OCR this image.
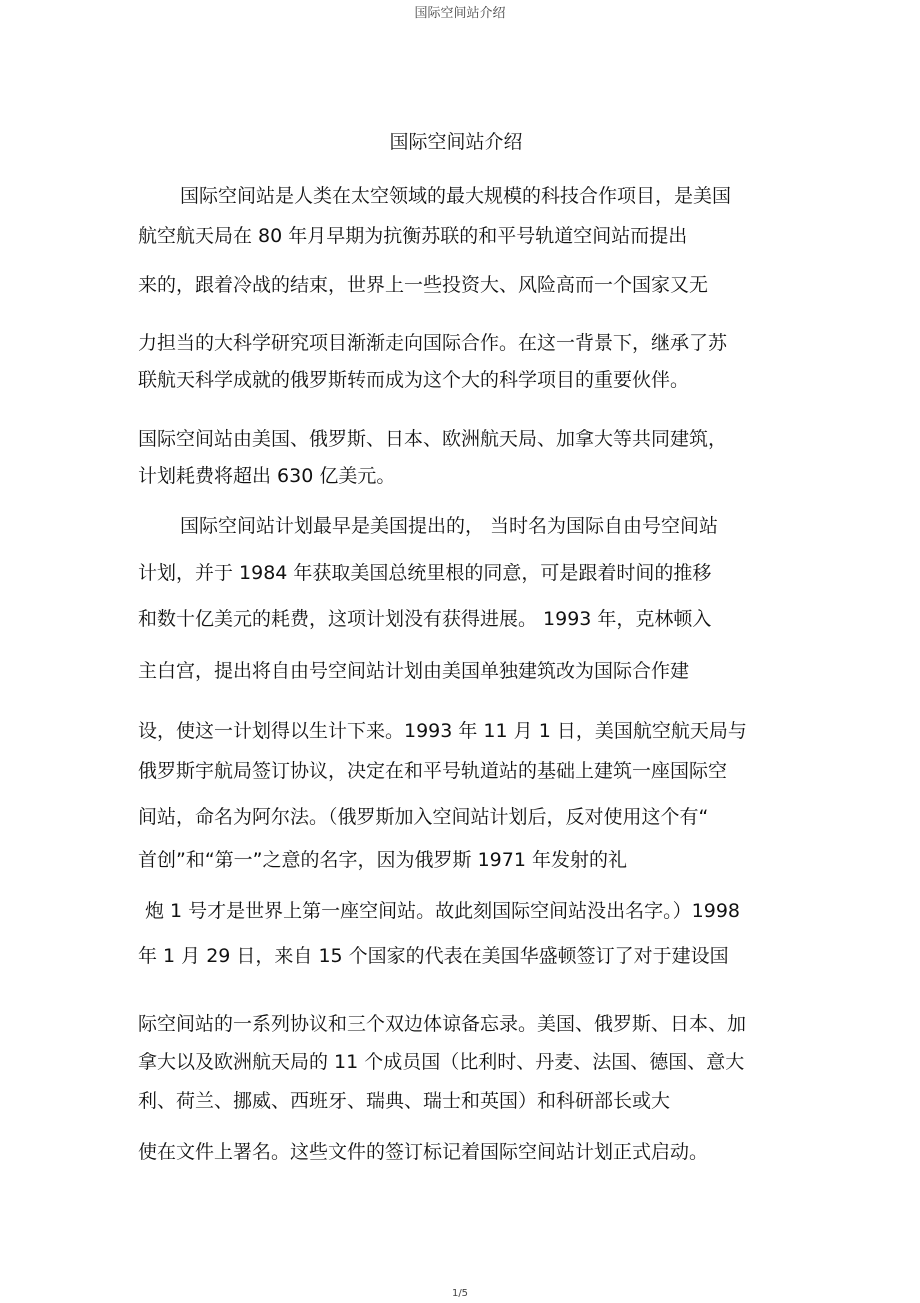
国际空间站介绍
国际空间站介绍
国际空间站是人类在太空领域的最大规模的科技合作项目，是美国
航空航天局在 80 年月早期为抗衡苏联的和平号轨道空间站而提出
来的，跟着冷战的结束，世界上一些投资大、风险高而一个国家又无
力担当的大科学研究项目渐渐走向国际合作。在这一背景下，继承了苏
联航天科学成就的俄罗斯转而成为这个大的科学项目的重要伙伴。
国际空间站由美国、俄罗斯、日本、欧洲航天局、加拿大等共同建筑，
计划耗费将超出 630 亿美元。
国际空间站计划最早是美国提出的， 当时名为国际自由号空间站
计划，并于 1984 年获取美国总统里根的同意，可是跟着时间的推移
和数十亿美元的耗费，这项计划没有获得进展。 1993 年，克林顿入
主白宫，提出将自由号空间站计划由美国单独建筑改为国际合作建
设，使这一计划得以生计下来。1993 年 11 月 1 日，美国航空航天局与
俄罗斯宇航局签订协议，决定在和平号轨道站的基础上建筑一座国际空
间站，命名为阿尔法。（俄罗斯加入空间站计划后，反对使用这个有“
首创”和“第一”之意的名字，因为俄罗斯 1971 年发射的礼
炮 1 号才是世界上第一座空间站。故此刻国际空间站没出名字。）1998
年 1 月 29 日，来自 15 个国家的代表在美国华盛顿签订了对于建设国
际空间站的一系列协议和三个双边体谅备忘录。美国、俄罗斯、日本、加
拿大以及欧洲航天局的 11 个成员国（比利时、丹麦、法国、德国、意大
利、荷兰、挪威、西班牙、瑞典、瑞士和英国）和科研部长或大
使在文件上署名。这些文件的签订标记着国际空间站计划正式启动。
1/5
